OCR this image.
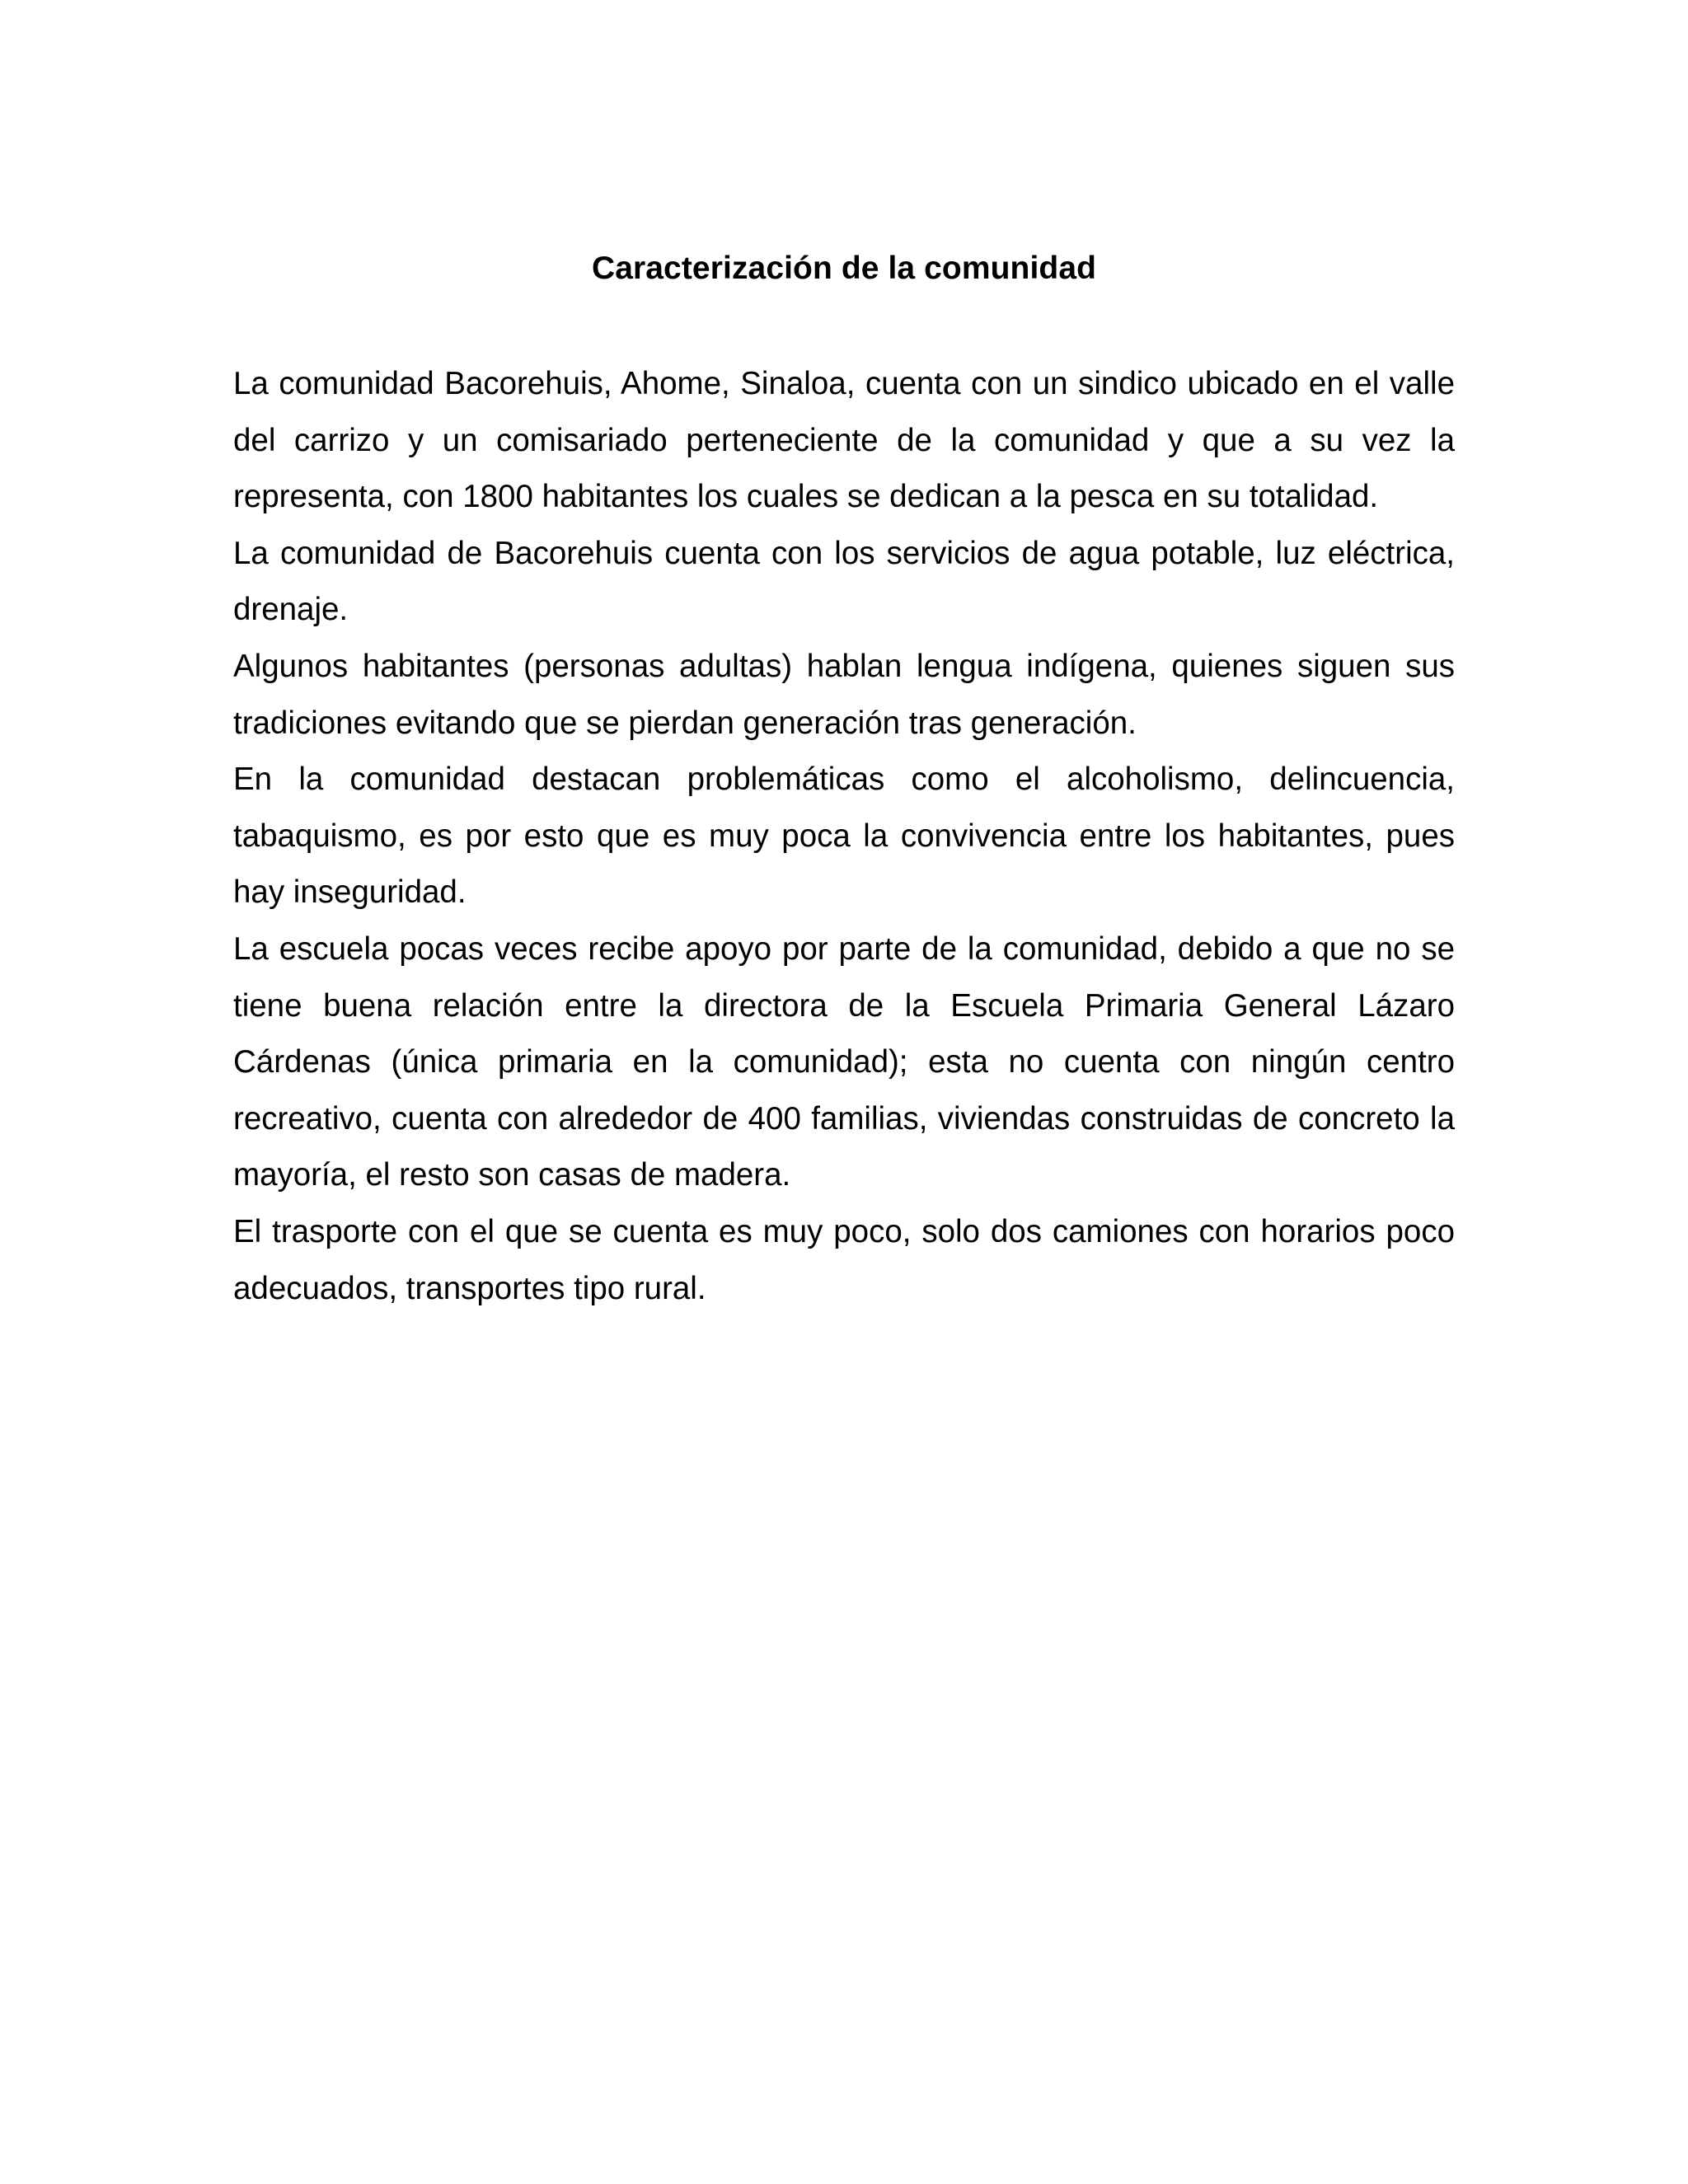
Caracterización de la comunidad

La comunidad Bacorehuis, Ahome, Sinaloa, cuenta con un sindico ubicado en el valle del carrizo y un comisariado perteneciente de la comunidad y que a su vez la representa, con 1800 habitantes los cuales se dedican a la pesca en su totalidad.

La comunidad de Bacorehuis cuenta con los servicios de agua potable, luz eléctrica, drenaje.

Algunos habitantes (personas adultas) hablan lengua indígena, quienes siguen sus tradiciones evitando que se pierdan generación tras generación.

En la comunidad destacan problemáticas como el alcoholismo, delincuencia, tabaquismo, es por esto que es muy poca la convivencia entre los habitantes, pues hay inseguridad.

La escuela pocas veces recibe apoyo por parte de la comunidad, debido a que no se tiene buena relación entre la directora de la Escuela Primaria General Lázaro Cárdenas (única primaria en la comunidad); esta no cuenta con ningún centro recreativo, cuenta con alrededor de 400 familias, viviendas construidas de concreto la mayoría, el resto son casas de madera.

El trasporte con el que se cuenta es muy poco, solo dos camiones con horarios poco adecuados, transportes tipo rural.
